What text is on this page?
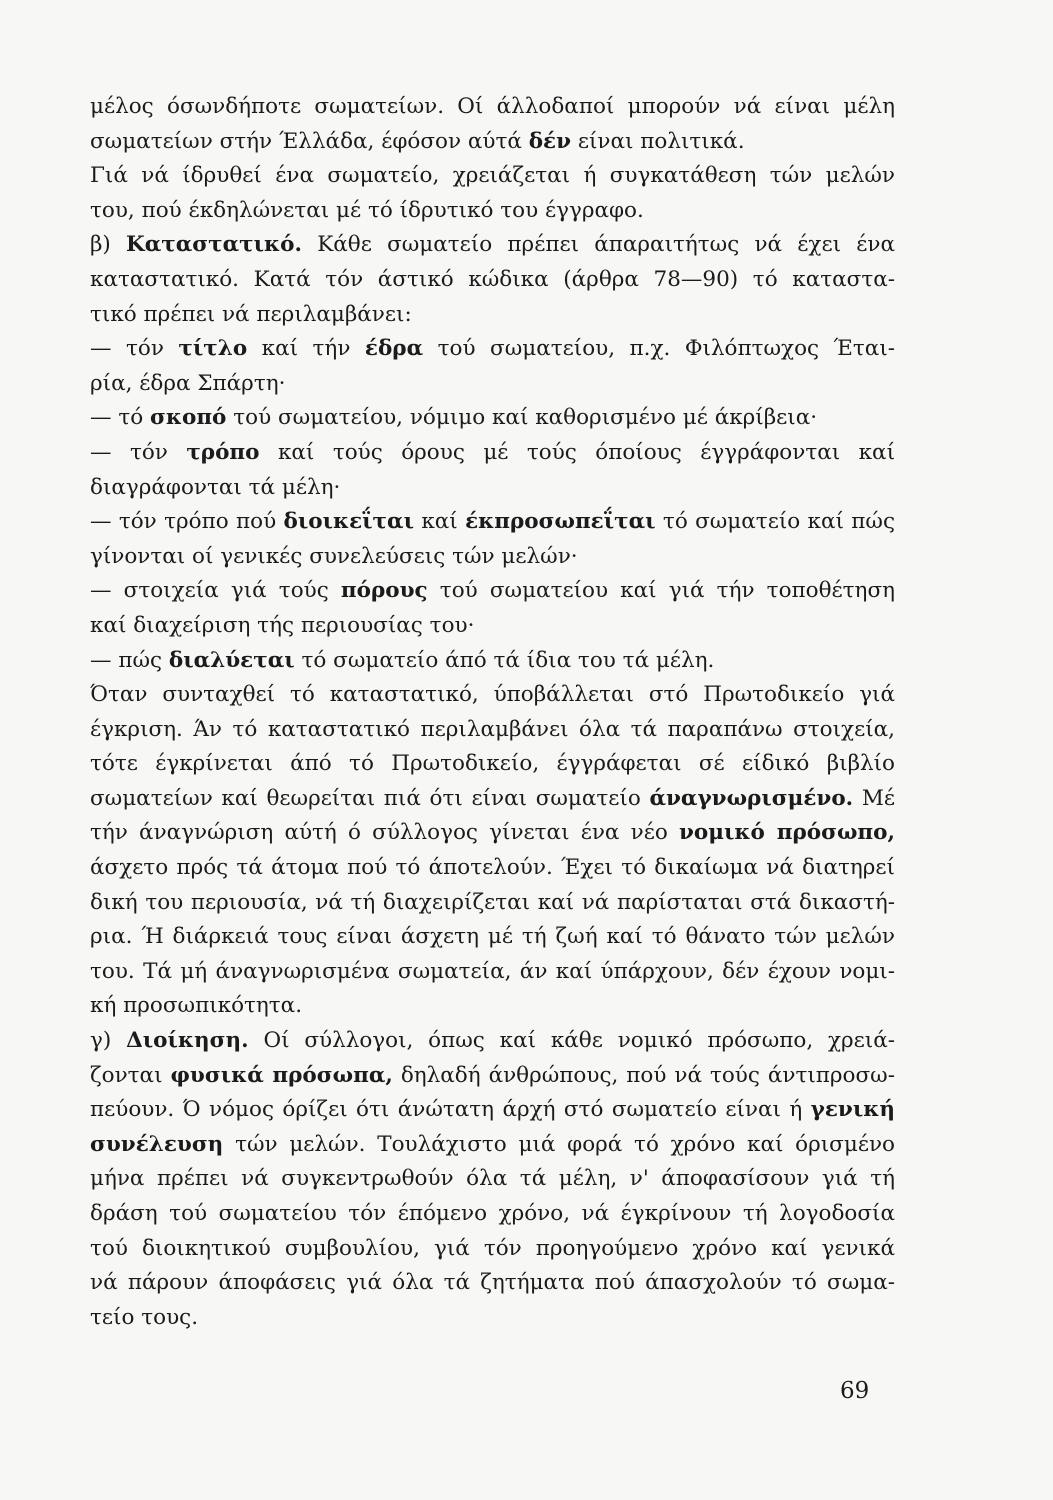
μέλος όσωνδήποτε σωματείων. Οί άλλοδαποί μπορούν νά είναι μέλη
σωματείων στήν Έλλάδα, έφόσον αύτά δέν είναι πολιτικά.
Γιά νά ίδρυθεί ένα σωματείο, χρειάζεται ή συγκατάθεση τών μελών
του, πού έκδηλώνεται μέ τό ίδρυτικό του έγγραφο.
β) Καταστατικό. Κάθε σωματείο πρέπει άπαραιτήτως νά έχει ένα
καταστατικό. Κατά τόν άστικό κώδικα (άρθρα 78—90) τό καταστα-
τικό πρέπει νά περιλαμβάνει:
— τόν τίτλο καί τήν έδρα τού σωματείου, π.χ. Φιλόπτωχος Έται-
ρία, έδρα Σπάρτη·
— τό σκοπό τού σωματείου, νόμιμο καί καθορισμένο μέ άκρίβεια·
— τόν τρόπο καί τούς όρους μέ τούς όποίους έγγράφονται καί
διαγράφονται τά μέλη·
— τόν τρόπο πού διοικεΐται καί έκπροσωπεΐται τό σωματείο καί πώς
γίνονται οί γενικές συνελεύσεις τών μελών·
— στοιχεία γιά τούς πόρους τού σωματείου καί γιά τήν τοποθέτηση
καί διαχείριση τής περιουσίας του·
— πώς διαλύεται τό σωματείο άπό τά ίδια του τά μέλη.
Όταν συνταχθεί τό καταστατικό, ύποβάλλεται στό Πρωτοδικείο γιά
έγκριση. Άν τό καταστατικό περιλαμβάνει όλα τά παραπάνω στοιχεία,
τότε έγκρίνεται άπό τό Πρωτοδικείο, έγγράφεται σέ είδικό βιβλίο
σωματείων καί θεωρείται πιά ότι είναι σωματείο άναγνωρισμένο. Μέ
τήν άναγνώριση αύτή ό σύλλογος γίνεται ένα νέο νομικό πρόσωπο,
άσχετο πρός τά άτομα πού τό άποτελούν. Έχει τό δικαίωμα νά διατηρεί
δική του περιουσία, νά τή διαχειρίζεται καί νά παρίσταται στά δικαστή-
ρια. Ή διάρκειά τους είναι άσχετη μέ τή ζωή καί τό θάνατο τών μελών
του. Τά μή άναγνωρισμένα σωματεία, άν καί ύπάρχουν, δέν έχουν νομι-
κή προσωπικότητα.
γ) Διοίκηση. Οί σύλλογοι, όπως καί κάθε νομικό πρόσωπο, χρειά-
ζονται φυσικά πρόσωπα, δηλαδή άνθρώπους, πού νά τούς άντιπροσω-
πεύουν. Ό νόμος όρίζει ότι άνώτατη άρχή στό σωματείο είναι ή γενική
συνέλευση τών μελών. Τουλάχιστο μιά φορά τό χρόνο καί όρισμένο
μήνα πρέπει νά συγκεντρωθούν όλα τά μέλη, ν' άποφασίσουν γιά τή
δράση τού σωματείου τόν έπόμενο χρόνο, νά έγκρίνουν τή λογοδοσία
τού διοικητικού συμβουλίου, γιά τόν προηγούμενο χρόνο καί γενικά
νά πάρουν άποφάσεις γιά όλα τά ζητήματα πού άπασχολούν τό σωμα-
τείο τους.
69
